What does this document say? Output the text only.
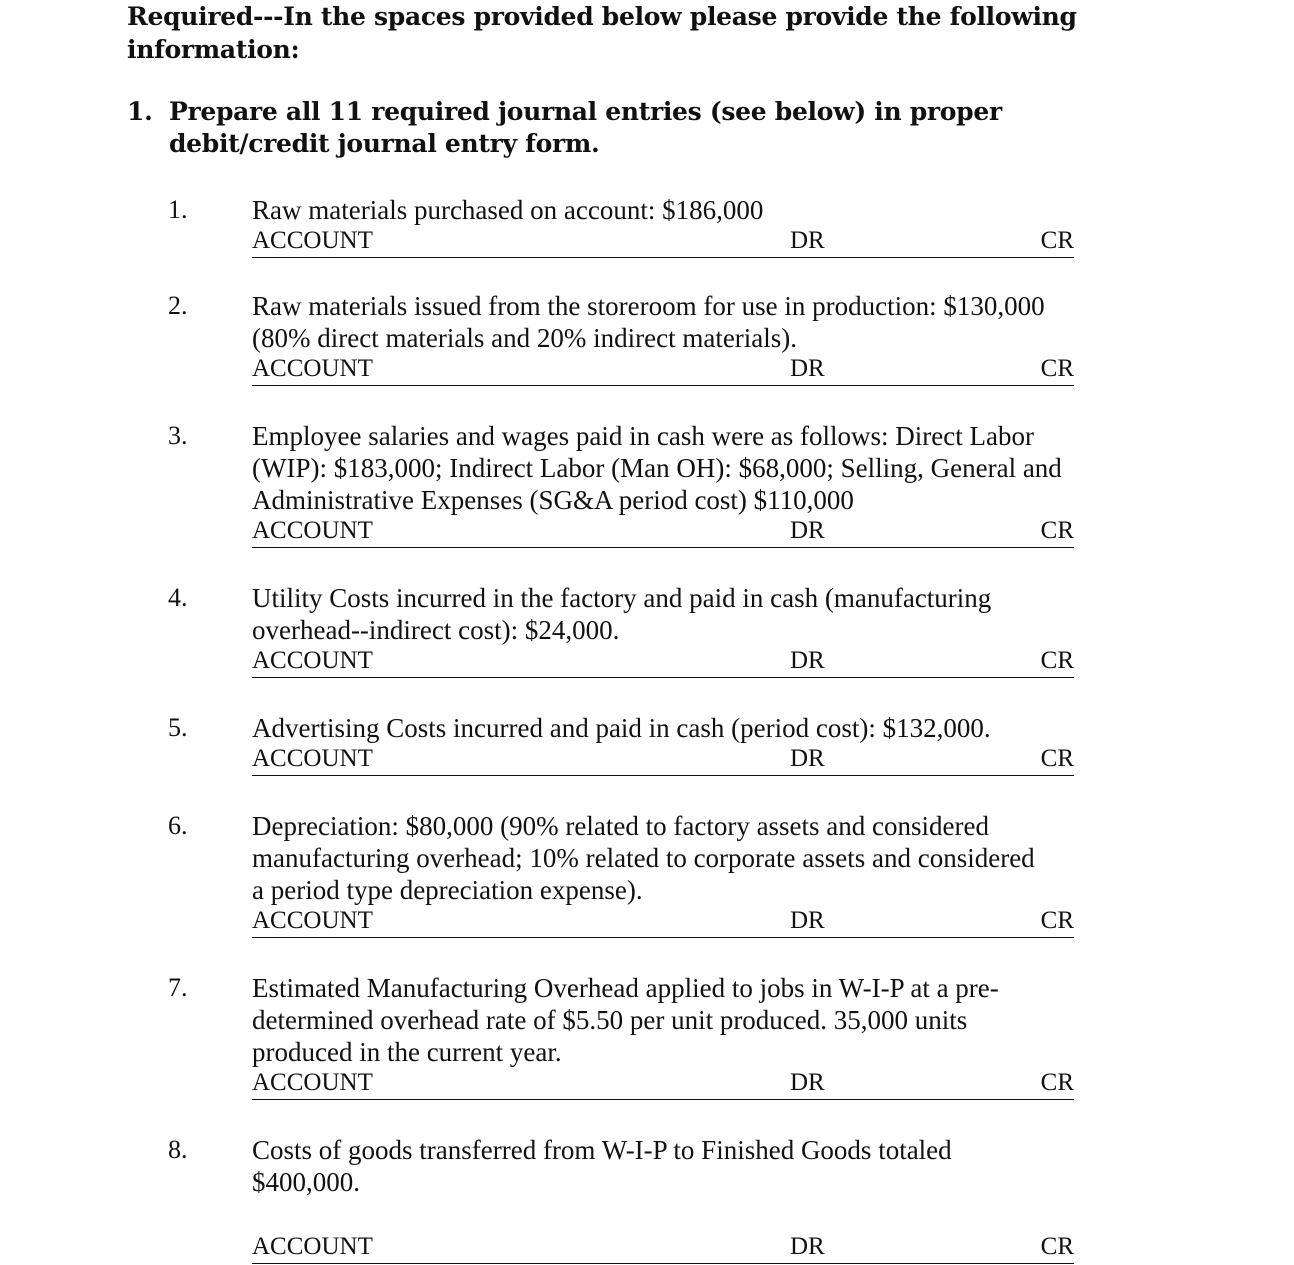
Required---In the spaces provided below please provide the following information:
1. Prepare all 11 required journal entries (see below) in proper debit/credit journal entry form.
1. Raw materials purchased on account: $186,000
ACCOUNT	DR	CR
2. Raw materials issued from the storeroom for use in production: $130,000
(80% direct materials and 20% indirect materials).
ACCOUNT	DR	CR
3. Employee salaries and wages paid in cash were as follows: Direct Labor
(WIP): $183,000; Indirect Labor (Man OH): $68,000; Selling, General and
Administrative Expenses (SG&A period cost) $110,000
ACCOUNT	DR	CR
4. Utility Costs incurred in the factory and paid in cash (manufacturing
overhead--indirect cost): $24,000.
ACCOUNT	DR	CR
5. Advertising Costs incurred and paid in cash (period cost): $132,000.
ACCOUNT	DR	CR
6. Depreciation: $80,000 (90% related to factory assets and considered
manufacturing overhead; 10% related to corporate assets and considered
a period type depreciation expense).
ACCOUNT	DR	CR
7. Estimated Manufacturing Overhead applied to jobs in W-I-P at a pre-
determined overhead rate of $5.50 per unit produced. 35,000 units
produced in the current year.
ACCOUNT	DR	CR
8. Costs of goods transferred from W-I-P to Finished Goods totaled
$400,000.
ACCOUNT	DR	CR
